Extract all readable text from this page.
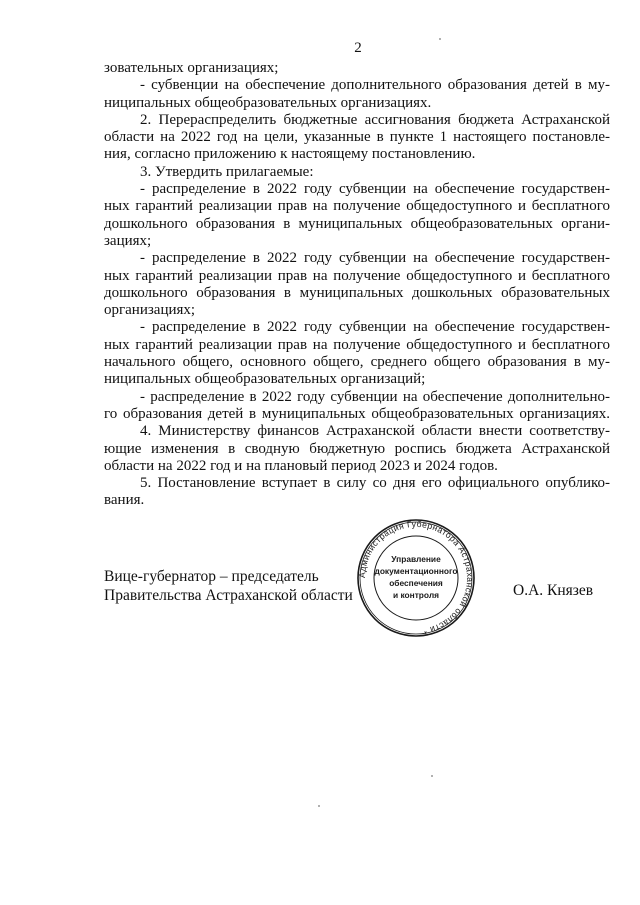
2
зовательных организациях;
- субвенции на обеспечение дополнительного образования детей в му-
ниципальных общеобразовательных организациях.
2. Перераспределить бюджетные ассигнования бюджета Астраханской
области на 2022 год на цели, указанные в пункте 1 настоящего постановле-
ния, согласно приложению к настоящему постановлению.
3. Утвердить прилагаемые:
- распределение в 2022 году субвенции на обеспечение государствен-
ных гарантий реализации прав на получение общедоступного и бесплатного
дошкольного образования в муниципальных общеобразовательных органи-
зациях;
- распределение в 2022 году субвенции на обеспечение государствен-
ных гарантий реализации прав на получение общедоступного и бесплатного
дошкольного образования в муниципальных дошкольных образовательных
организациях;
- распределение в 2022 году субвенции на обеспечение государствен-
ных гарантий реализации прав на получение общедоступного и бесплатного
начального общего, основного общего, среднего общего образования в му-
ниципальных общеобразовательных организаций;
- распределение в 2022 году субвенции на обеспечение дополнительно-
го образования детей в муниципальных общеобразовательных организациях.
4. Министерству финансов Астраханской области внести соответству-
ющие изменения в сводную бюджетную роспись бюджета Астраханской
области на 2022 год и на плановый период 2023 и 2024 годов.
5. Постановление вступает в силу со дня его официального опублико-
вания.
Вице-губернатор – председатель
Правительства Астраханской области
Администрация Губернатора Астраханской области *
Управление
документационного
обеспечения
и контроля	О.А. Князев
